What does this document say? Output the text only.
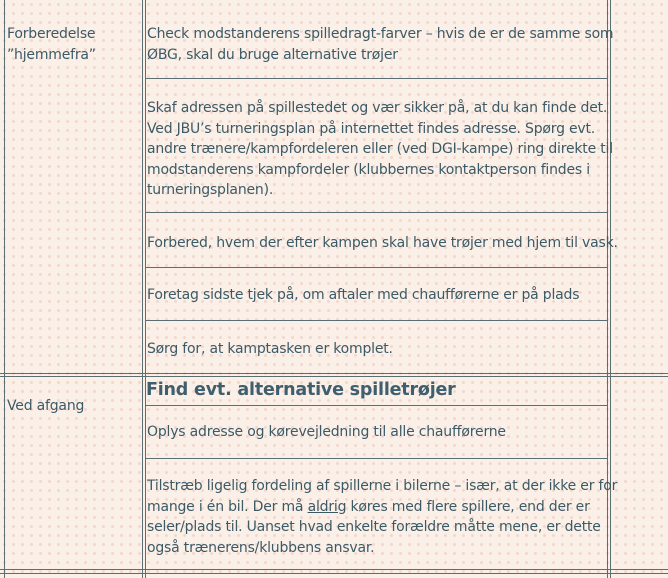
Forberedelse
”hjemmefra”
Check modstanderens spilledragt-farver – hvis de er de samme som
ØBG, skal du bruge alternative trøjer
Skaf adressen på spillestedet og vær sikker på, at du kan finde det.
Ved JBU’s turneringsplan på internettet findes adresse. Spørg evt.
andre trænere/kampfordeleren eller (ved DGI-kampe) ring direkte til
modstanderens kampfordeler (klubbernes kontaktperson findes i
turneringsplanen).
Forbered, hvem der efter kampen skal have trøjer med hjem til vask.
Foretag sidste tjek på, om aftaler med chaufførerne er på plads
Sørg for, at kamptasken er komplet.
Ved afgang
Find evt. alternative spilletrøjer
Oplys adresse og kørevejledning til alle chaufførerne
Tilstræb ligelig fordeling af spillerne i bilerne – især, at der ikke er for
mange i én bil. Der må aldrig køres med flere spillere, end der er
seler/plads til. Uanset hvad enkelte forældre måtte mene, er dette
også trænerens/klubbens ansvar.
